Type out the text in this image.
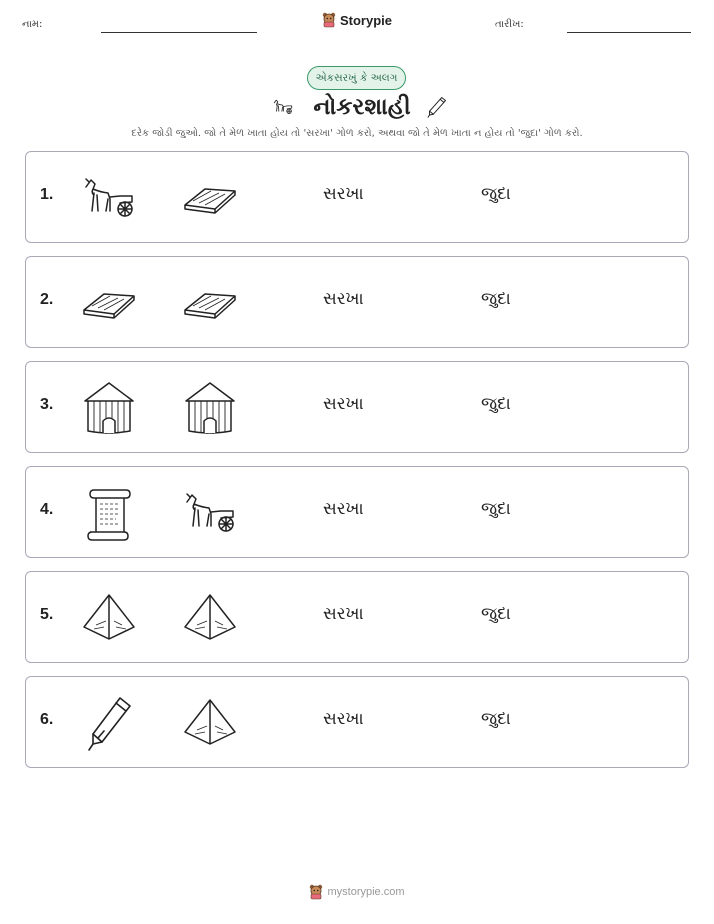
નામ:	Storypie	તારીખ:
એકસરખું કે અલગ
નોકરશાહી
દરેક જોડી જુઓ. જો તે મેળ ખાતા હોય તો 'સરખા' ગોળ કરો, અથવા જો તે મેળ ખાતા ન હોય તો 'જુદા' ગોળ કરો.
1.	સરખા	જુદા
2.	સરખા	જુદા
3.	સરખા	જુદા
4.	સરખા	જુદા
5.	સરખા	જુદા
6.	સરખા	જુદા
mystorypie.com
